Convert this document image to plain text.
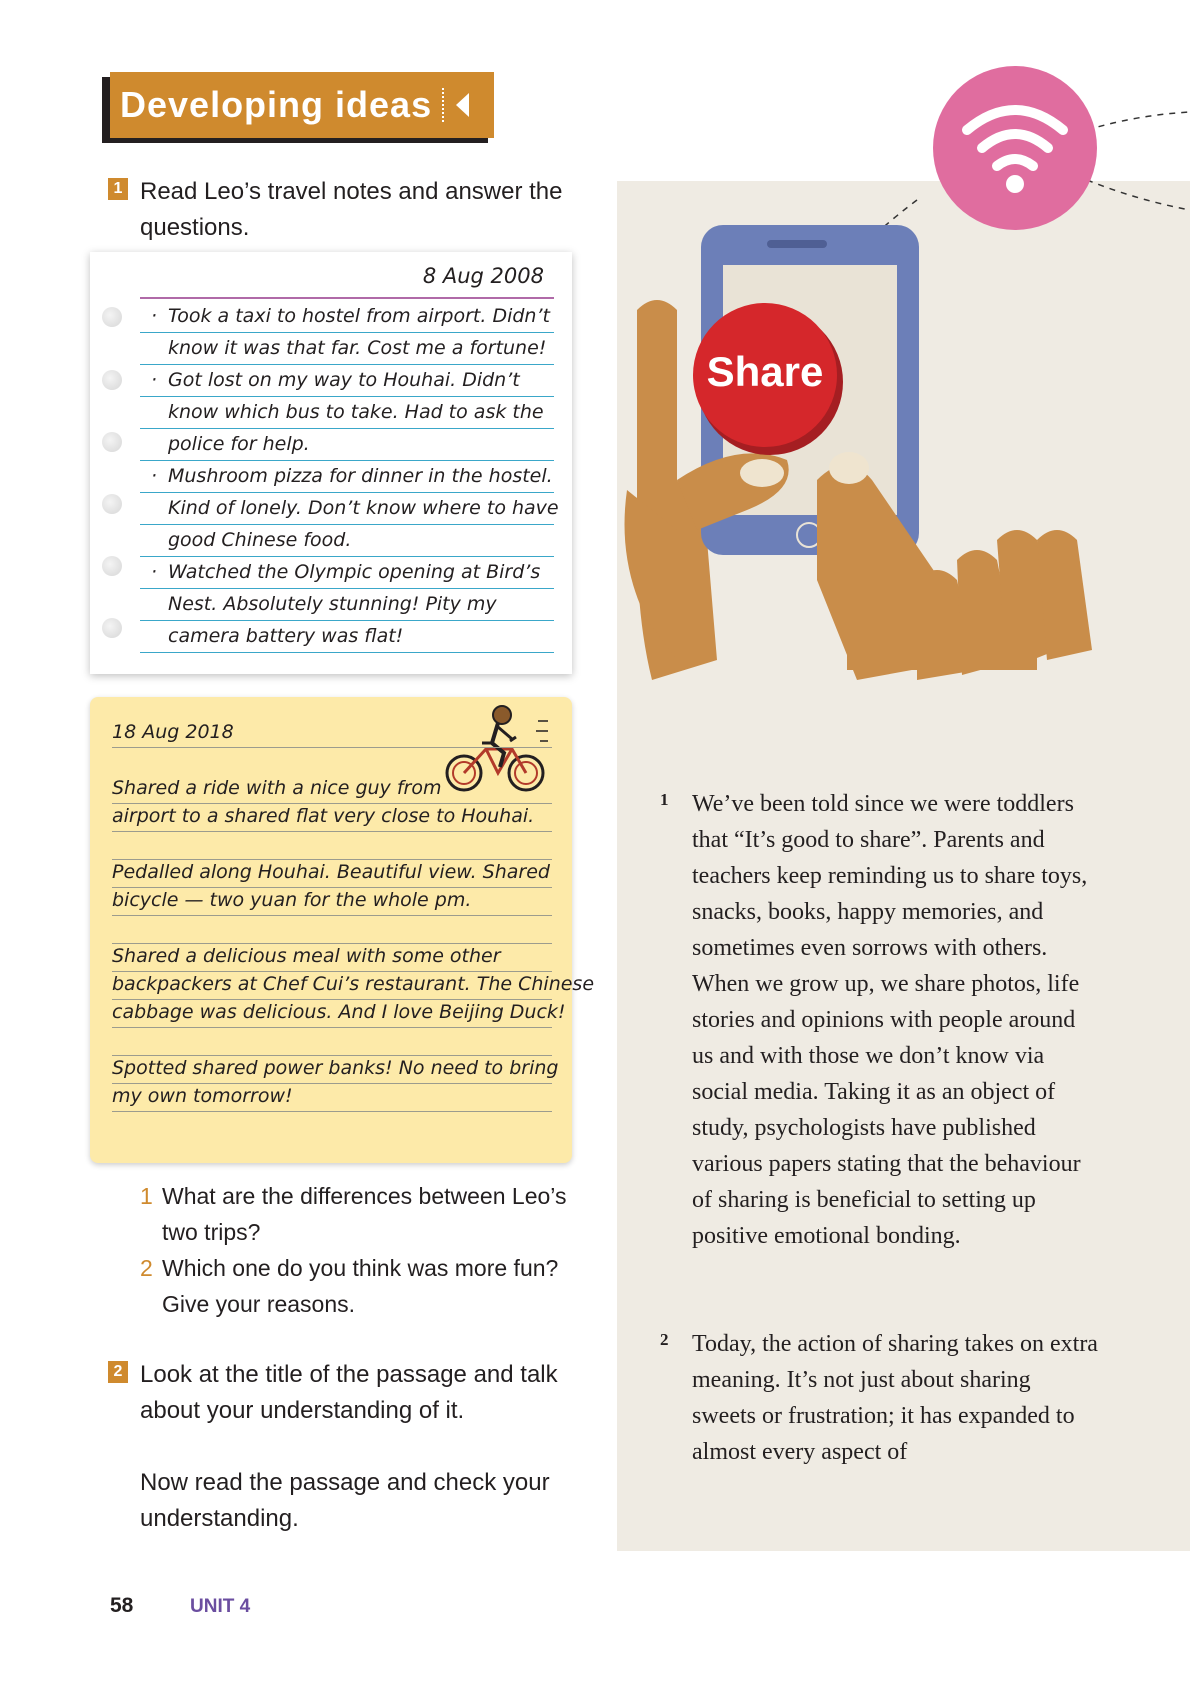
Developing ideas
1 Read Leo’s travel notes and answer the questions.
8 Aug 2008
· Took a taxi to hostel from airport. Didn’t
know it was that far. Cost me a fortune!
· Got lost on my way to Houhai. Didn’t
know which bus to take. Had to ask the
police for help.
· Mushroom pizza for dinner in the hostel.
Kind of lonely. Don’t know where to have
good Chinese food.
· Watched the Olympic opening at Bird’s
Nest. Absolutely stunning! Pity my
camera battery was flat!
18 Aug 2018
Shared a ride with a nice guy from
airport to a shared flat very close to Houhai.
Pedalled along Houhai. Beautiful view. Shared
bicycle — two yuan for the whole pm.
Shared a delicious meal with some other
backpackers at Chef Cui’s restaurant. The Chinese
cabbage was delicious. And I love Beijing Duck!
Spotted shared power banks! No need to bring
my own tomorrow!
1 What are the differences between Leo’s two trips?
2 Which one do you think was more fun? Give your reasons.
2 Look at the title of the passage and talk about your understanding of it.
Now read the passage and check your understanding.
58	UNIT 4
Share
1 We’ve been told since we were toddlers that “It’s good to share”. Parents and teachers keep reminding us to share toys, snacks, books, happy memories, and sometimes even sorrows with others. When we grow up, we share photos, life stories and opinions with people around us and with those we don’t know via social media. Taking it as an object of study, psychologists have published various papers stating that the behaviour of sharing is beneficial to setting up positive emotional bonding.
2 Today, the action of sharing takes on extra meaning. It’s not just about sharing sweets or frustration; it has expanded to almost every aspect of
